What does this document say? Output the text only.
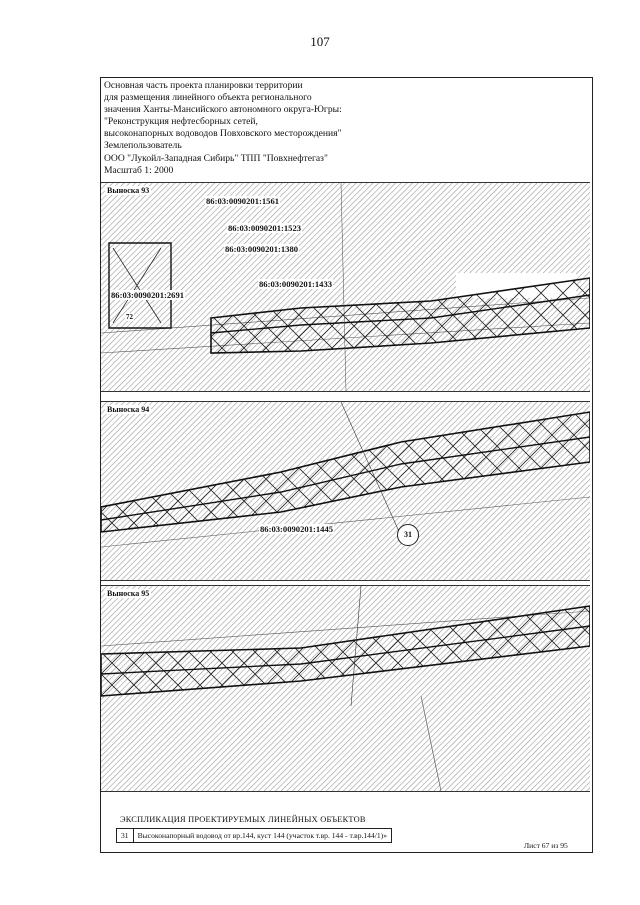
107
Основная часть проекта планировки территории
для размещения линейного объекта регионального
значения Ханты-Мансийского автономного округа-Югры:
"Реконструкция нефтесборных сетей,
высоконапорных водоводов Повховского месторождения"
Землепользователь
ООО "Лукойл-Западная Сибирь" ТПП "Повхнефтегаз"
Масштаб 1: 2000
Выноска 93
86:03:0090201:1561
86:03:0090201:1523
86:03:0090201:1380
86:03:0090201:1433
86:03:0090201:2691
72
Выноска 94
86:03:0090201:1445
31
Выноска 95
ЭКСПЛИКАЦИЯ ПРОЕКТИРУЕМЫХ ЛИНЕЙНЫХ ОБЪЕКТОВ
31	Высоконапорный водовод от вр.144, куст 144 (участок т.вр. 144 - т.вр.144/1)»
Лист 67 из 95
